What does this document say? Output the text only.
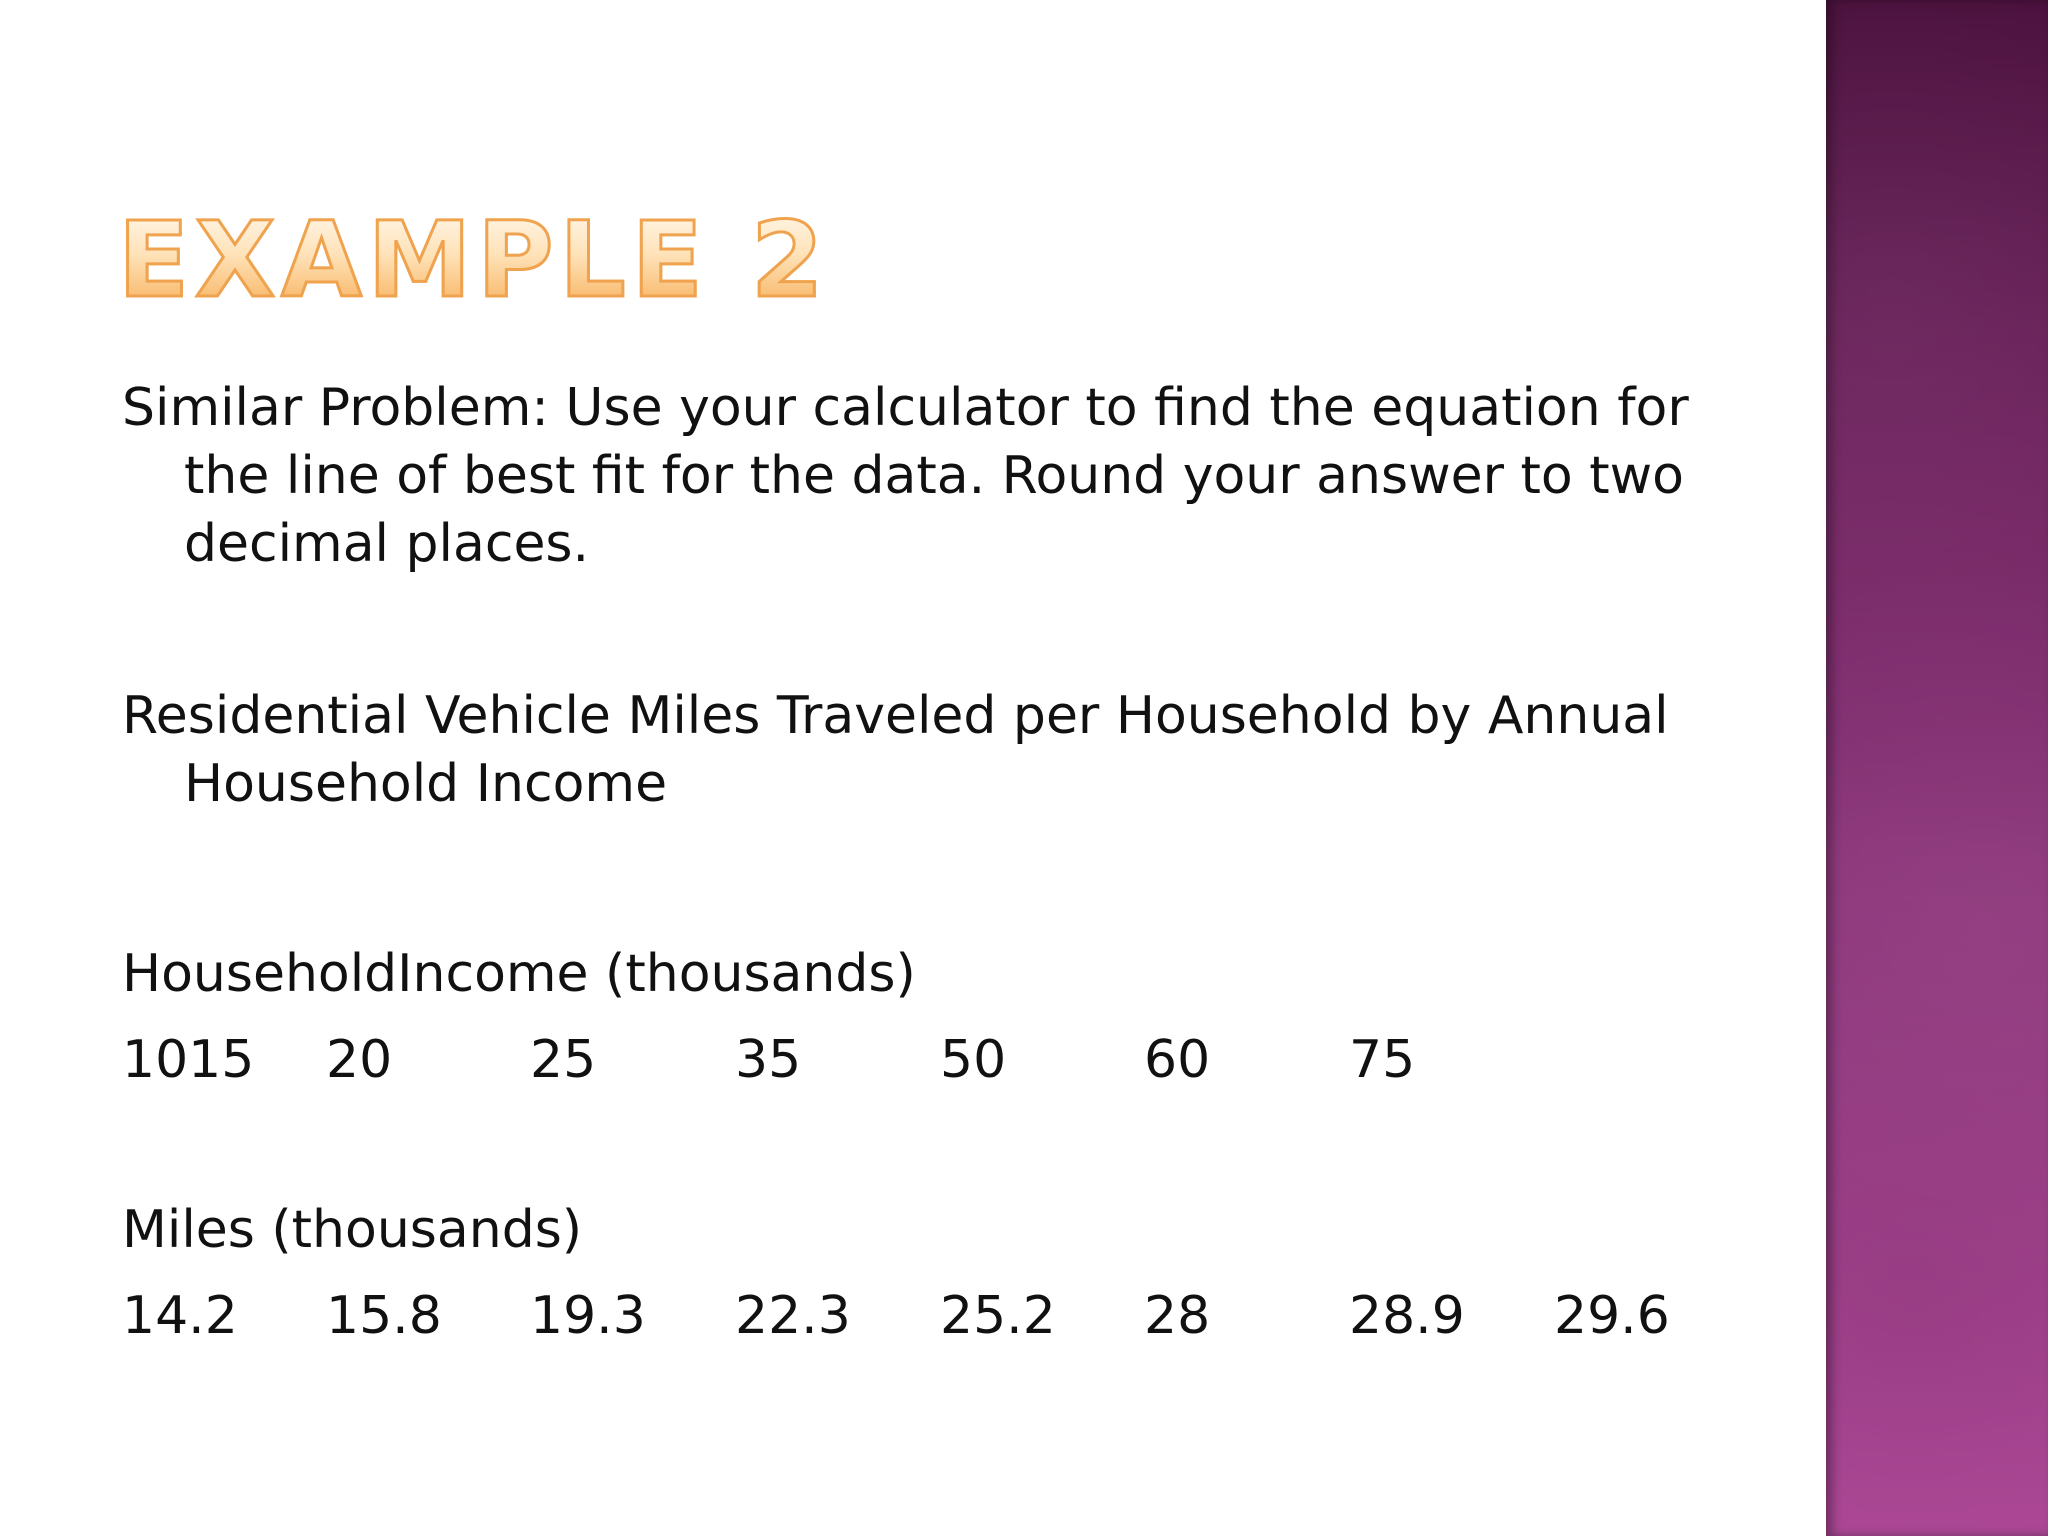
EXAMPLE 2
Similar Problem: Use your calculator to find the equation for the line of best fit for the data. Round your answer to two decimal places.
Residential Vehicle Miles Traveled per Household by Annual Household Income
HouseholdIncome (thousands)
1015 20	25	35	50	60	75
Miles (thousands)
14.2 15.8 19.3 22.3 25.2 28	28.9 29.6
